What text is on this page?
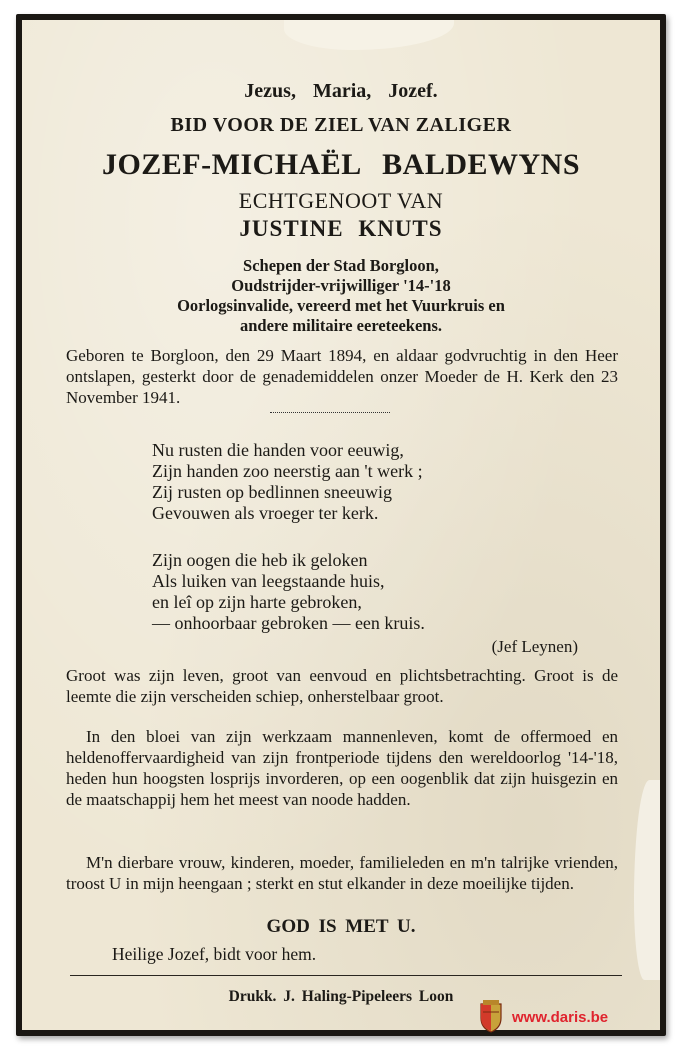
Jezus, Maria, Jozef.
BID VOOR DE ZIEL VAN ZALIGER
JOZEF-MICHAËL BALDEWYNS
ECHTGENOOT VAN
JUSTINE KNUTS
Schepen der Stad Borgloon,
Oudstrijder-vrijwilliger '14-'18
Oorlogsinvalide, vereerd met het Vuurkruis en
andere militaire eereteekens.

Geboren te Borgloon, den 29 Maart 1894, en aldaar godvruchtig in den Heer ontslapen, gesterkt door de genademiddelen onzer Moeder de H. Kerk den 23 November 1941.

Nu rusten die handen voor eeuwig,
Zijn handen zoo neerstig aan 't werk ;
Zij rusten op bedlinnen sneeuwig
Gevouwen als vroeger ter kerk.
Zijn oogen die heb ik geloken
Als luiken van leegstaande huis,
en leî op zijn harte gebroken,
— onhoorbaar gebroken — een kruis.
(Jef Leynen)

Groot was zijn leven, groot van eenvoud en plichtsbetrachting. Groot is de leemte die zijn verscheiden schiep, onherstelbaar groot.

In den bloei van zijn werkzaam mannenleven, komt de offermoed en heldenoffervaardigheid van zijn frontperiode tijdens den wereldoorlog '14-'18, heden hun hoogsten losprijs invorderen, op een oogenblik dat zijn huisgezin en de maatschappij hem het meest van noode hadden.

M'n dierbare vrouw, kinderen, moeder, familieleden en m'n talrijke vrienden, troost U in mijn heengaan ; sterkt en stut elkander in deze moeilijke tijden.

GOD IS MET U.
Heilige Jozef, bidt voor hem.
Drukk. J. Haling-Pipeleers Loon
www.daris.be
